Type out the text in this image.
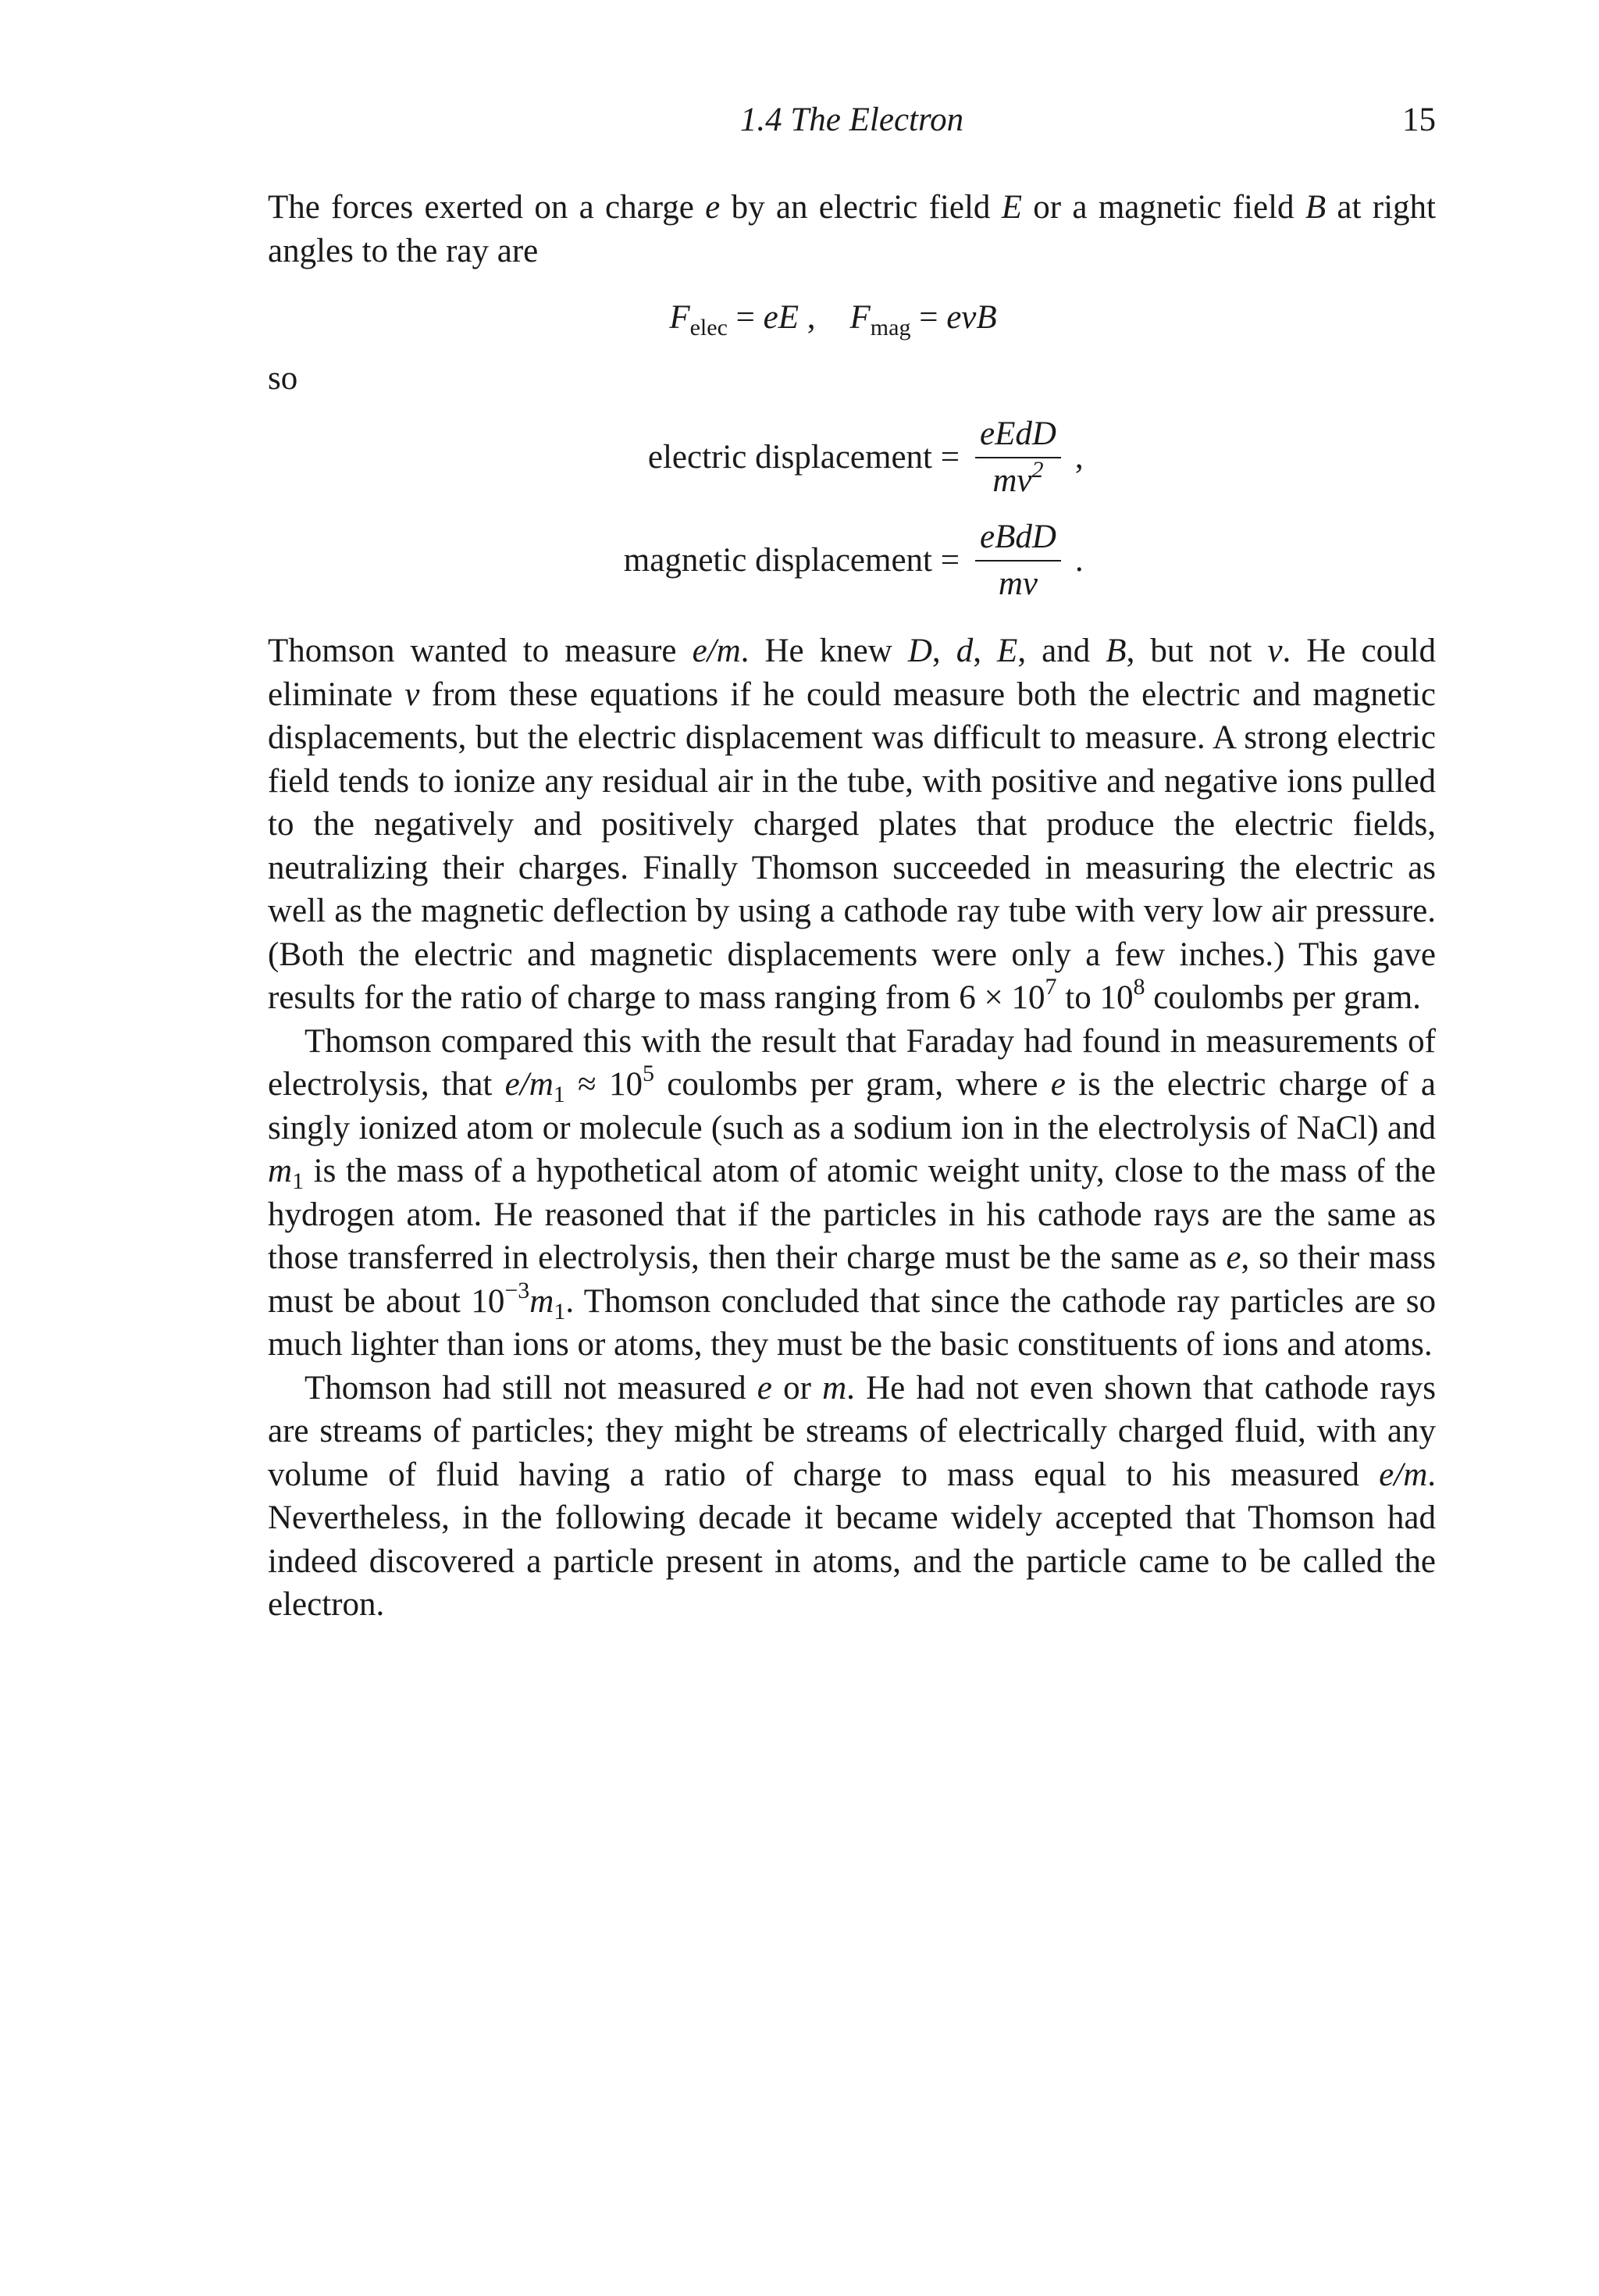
1.4 The Electron	15

The forces exerted on a charge e by an electric field E or a magnetic field B at right angles to the ray are

$F_{elec}$ = eE , $F_{mag}$ = evB

so

electric displacement = $\frac{\text{eEdD}}{mv^2}$ ,
magnetic displacement = $\frac{\text{eBdD}}{mv}$ .

Thomson wanted to measure e/m. He knew D, d, E, and B, but not v. He could eliminate v from these equations if he could measure both the electric and magnetic displacements, but the electric displacement was difficult to measure. A strong electric field tends to ionize any residual air in the tube, with positive and negative ions pulled to the negatively and positively charged plates that produce the electric fields, neutralizing their charges. Finally Thomson succeeded in measuring the electric as well as the magnetic deflection by using a cathode ray tube with very low air pressure. (Both the electric and magnetic displacements were only a few inches.) This gave results for the ratio of charge to mass ranging from $6 \times 10^7$ to $10^8$ coulombs per gram.

Thomson compared this with the result that Faraday had found in measurements of electrolysis, that $e/m_1 \approx 10^5$ coulombs per gram, where e is the electric charge of a singly ionized atom or molecule (such as a sodium ion in the electrolysis of NaCl) and $m_1$ is the mass of a hypothetical atom of atomic weight unity, close to the mass of the hydrogen atom. He reasoned that if the particles in his cathode rays are the same as those transferred in electrolysis, then their charge must be the same as e, so their mass must be about $10^{-3}m_1$. Thomson concluded that since the cathode ray particles are so much lighter than ions or atoms, they must be the basic constituents of ions and atoms.

Thomson had still not measured e or m. He had not even shown that cathode rays are streams of particles; they might be streams of electrically charged fluid, with any volume of fluid having a ratio of charge to mass equal to his measured e/m. Nevertheless, in the following decade it became widely accepted that Thomson had indeed discovered a particle present in atoms, and the particle came to be called the electron.
